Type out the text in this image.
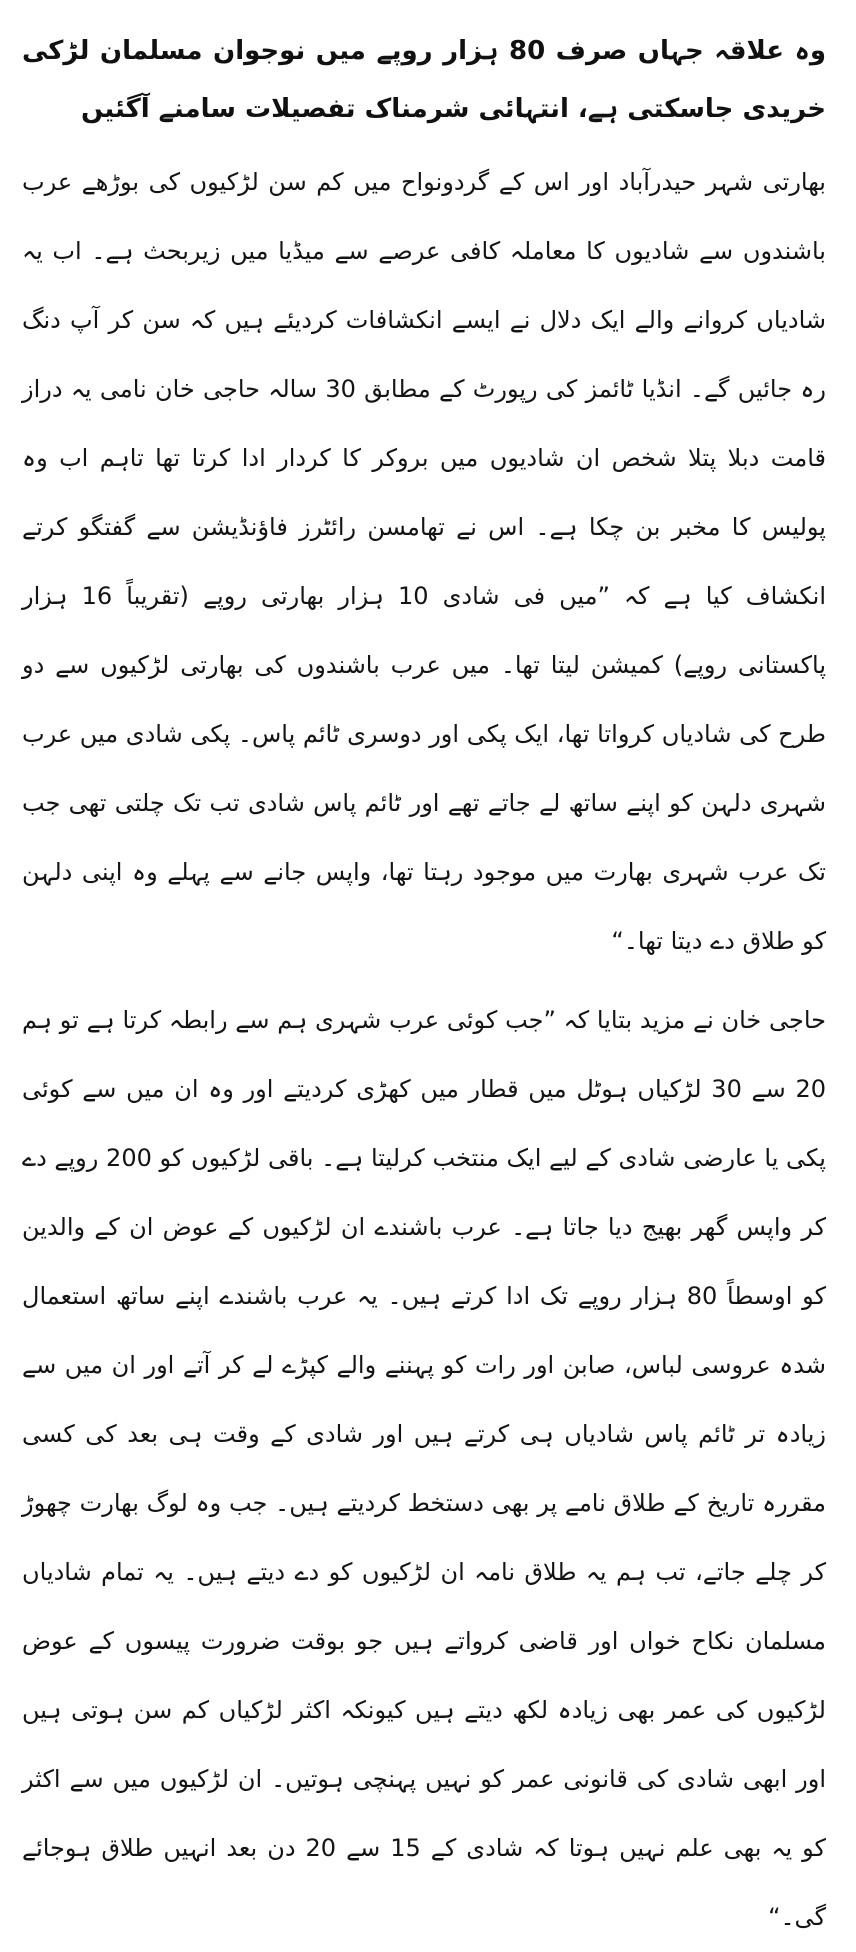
وہ علاقہ جہاں صرف 80 ہزار روپے میں نوجوان مسلمان لڑکی خریدی جاسکتی ہے، انتہائی شرمناک تفصیلات سامنے آگئیں

بھارتی شہر حیدرآباد اور اس کے گردونواح میں کم سن لڑکیوں کی بوڑھے عرب باشندوں سے شادیوں کا معاملہ کافی عرصے سے میڈیا میں زیربحث ہے۔ اب یہ شادیاں کروانے والے ایک دلال نے ایسے انکشافات کردیئے ہیں کہ سن کر آپ دنگ رہ جائیں گے۔ انڈیا ٹائمز کی رپورٹ کے مطابق 30 سالہ حاجی خان نامی یہ دراز قامت دبلا پتلا شخص ان شادیوں میں بروکر کا کردار ادا کرتا تھا تاہم اب وہ پولیس کا مخبر بن چکا ہے۔ اس نے تھامسن رائٹرز فاﺅنڈیشن سے گفتگو کرتے انکشاف کیا ہے کہ ”میں فی شادی 10 ہزار بھارتی روپے (تقریباً 16 ہزار پاکستانی روپے) کمیشن لیتا تھا۔ میں عرب باشندوں کی بھارتی لڑکیوں سے دو طرح کی شادیاں کرواتا تھا، ایک پکی اور دوسری ٹائم پاس۔ پکی شادی میں عرب شہری دلہن کو اپنے ساتھ لے جاتے تھے اور ٹائم پاس شادی تب تک چلتی تھی جب تک عرب شہری بھارت میں موجود رہتا تھا، واپس جانے سے پہلے وہ اپنی دلہن کو طلاق دے دیتا تھا۔“

حاجی خان نے مزید بتایا کہ ”جب کوئی عرب شہری ہم سے رابطہ کرتا ہے تو ہم 20 سے 30 لڑکیاں ہوٹل میں قطار میں کھڑی کردیتے اور وہ ان میں سے کوئی پکی یا عارضی شادی کے لیے ایک منتخب کرلیتا ہے۔ باقی لڑکیوں کو 200 روپے دے کر واپس گھر بھیج دیا جاتا ہے۔ عرب باشندے ان لڑکیوں کے عوض ان کے والدین کو اوسطاً 80 ہزار روپے تک ادا کرتے ہیں۔ یہ عرب باشندے اپنے ساتھ استعمال شدہ عروسی لباس، صابن اور رات کو پہننے والے کپڑے لے کر آتے اور ان میں سے زیادہ تر ٹائم پاس شادیاں ہی کرتے ہیں اور شادی کے وقت ہی بعد کی کسی مقررہ تاریخ کے طلاق نامے پر بھی دستخط کردیتے ہیں۔ جب وہ لوگ بھارت چھوڑ کر چلے جاتے، تب ہم یہ طلاق نامہ ان لڑکیوں کو دے دیتے ہیں۔ یہ تمام شادیاں مسلمان نکاح خواں اور قاضی کرواتے ہیں جو بوقت ضرورت پیسوں کے عوض لڑکیوں کی عمر بھی زیادہ لکھ دیتے ہیں کیونکہ اکثر لڑکیاں کم سن ہوتی ہیں اور ابھی شادی کی قانونی عمر کو نہیں پہنچی ہوتیں۔ ان لڑکیوں میں سے اکثر کو یہ بھی علم نہیں ہوتا کہ شادی کے 15 سے 20 دن بعد انہیں طلاق ہوجائے گی۔“
